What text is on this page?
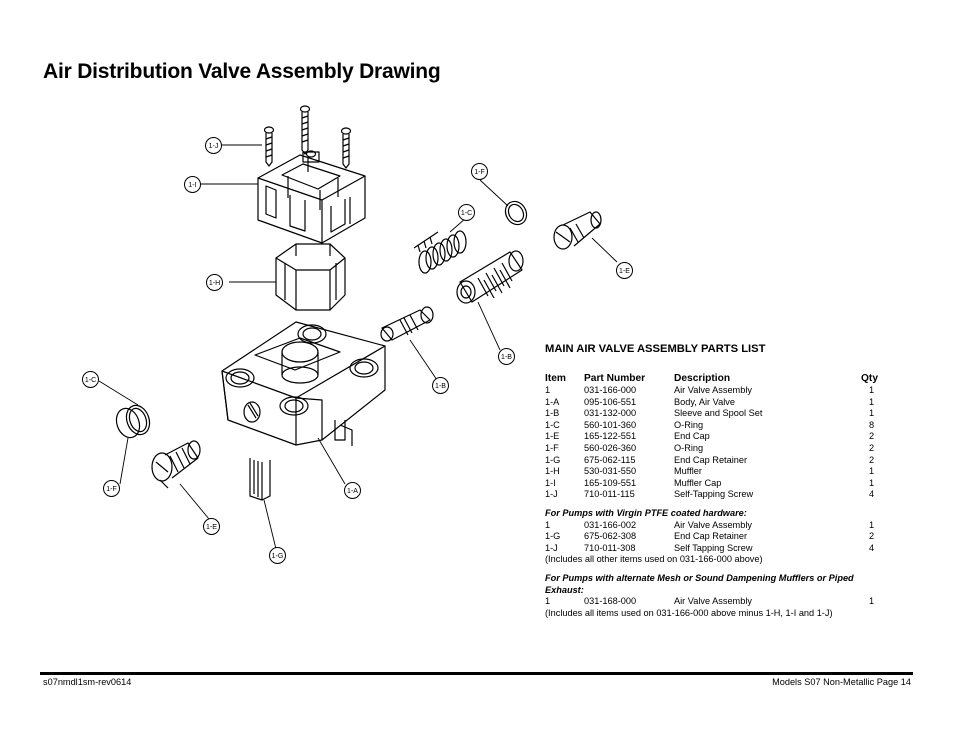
Air Distribution Valve Assembly Drawing
1-J
1-I
1-H
1-F
1-C
1-E
1-B
1-B
1-C
1-F
1-E
1-G
1-A
MAIN AIR VALVE ASSEMBLY PARTS LIST
Item	Part Number	Description	Qty
1	031-166-000	Air Valve Assembly	1
1-A	095-106-551	Body, Air Valve	1
1-B	031-132-000	Sleeve and Spool Set	1
1-C	560-101-360	O-Ring	8
1-E	165-122-551	End Cap	2
1-F	560-026-360	O-Ring	2
1-G	675-062-115	End Cap Retainer	2
1-H	530-031-550	Muffler	1
1-I	165-109-551	Muffler Cap	1
1-J	710-011-115	Self-Tapping Screw	4
For Pumps with Virgin PTFE coated hardware:
1	031-166-002	Air Valve Assembly	1
1-G	675-062-308	End Cap Retainer	2
1-J	710-011-308	Self Tapping Screw	4
(Includes all other items used on 031-166-000 above)
For Pumps with alternate Mesh or Sound Dampening Mufflers or Piped Exhaust:
1	031-168-000	Air Valve Assembly	1
(Includes all items used on 031-166-000 above minus 1-H, 1-I and 1-J)
s07nmdl1sm-rev0614	Models S07 Non-Metallic Page 14
